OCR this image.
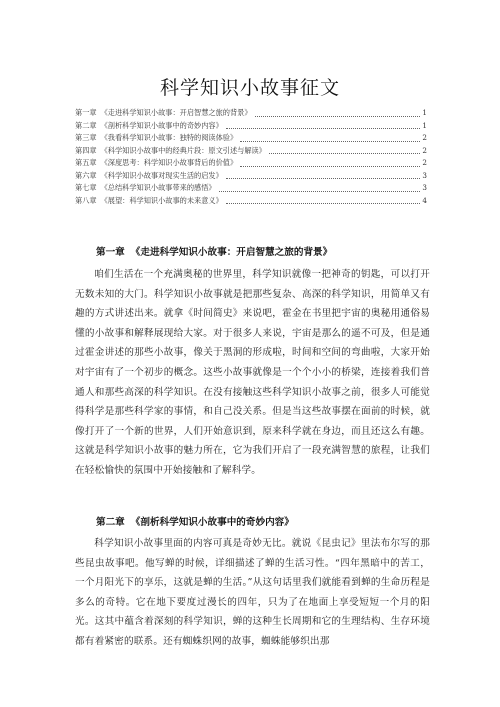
科学知识小故事征文
第一章 《走进科学知识小故事：开启智慧之旅的背景》	1
第二章 《剖析科学知识小故事中的奇妙内容》	1
第三章 《我看科学知识小故事：独特的阅读体验》	2
第四章 《科学知识小故事中的经典片段：原文引述与解读》	2
第五章 《深度思考：科学知识小故事背后的价值》	2
第六章 《科学知识小故事对现实生活的启发》	3
第七章 《总结科学知识小故事带来的感悟》	3
第八章 《展望：科学知识小故事的未来意义》	4
第一章 《走进科学知识小故事：开启智慧之旅的背景》

咱们生活在一个充满奥秘的世界里，科学知识就像一把神奇的钥匙，可以打开无数未知的大门。科学知识小故事就是把那些复杂、高深的科学知识，用简单又有趣的方式讲述出来。就拿《时间简史》来说吧，霍金在书里把宇宙的奥秘用通俗易懂的小故事和解释展现给大家。对于很多人来说，宇宙是那么的遥不可及，但是通过霍金讲述的那些小故事，像关于黑洞的形成啦，时间和空间的弯曲啦，大家开始对宇宙有了一个初步的概念。这些小故事就像是一个个小小的桥梁，连接着我们普通人和那些高深的科学知识。在没有接触这些科学知识小故事之前，很多人可能觉得科学是那些科学家的事情，和自己没关系。但是当这些故事摆在面前的时候，就像打开了一个新的世界，人们开始意识到，原来科学就在身边，而且还这么有趣。这就是科学知识小故事的魅力所在，它为我们开启了一段充满智慧的旅程，让我们在轻松愉快的氛围中开始接触和了解科学。

第二章 《剖析科学知识小故事中的奇妙内容》

科学知识小故事里面的内容可真是奇妙无比。就说《昆虫记》里法布尔写的那些昆虫故事吧。他写蝉的时候，详细描述了蝉的生活习性。“四年黑暗中的苦工，一个月阳光下的享乐，这就是蝉的生活。”从这句话里我们就能看到蝉的生命历程是多么的奇特。它在地下要度过漫长的四年，只为了在地面上享受短短一个月的阳光。这其中蕴含着深刻的科学知识，蝉的这种生长周期和它的生理结构、生存环境都有着紧密的联系。还有蜘蛛织网的故事，蜘蛛能够织出那
